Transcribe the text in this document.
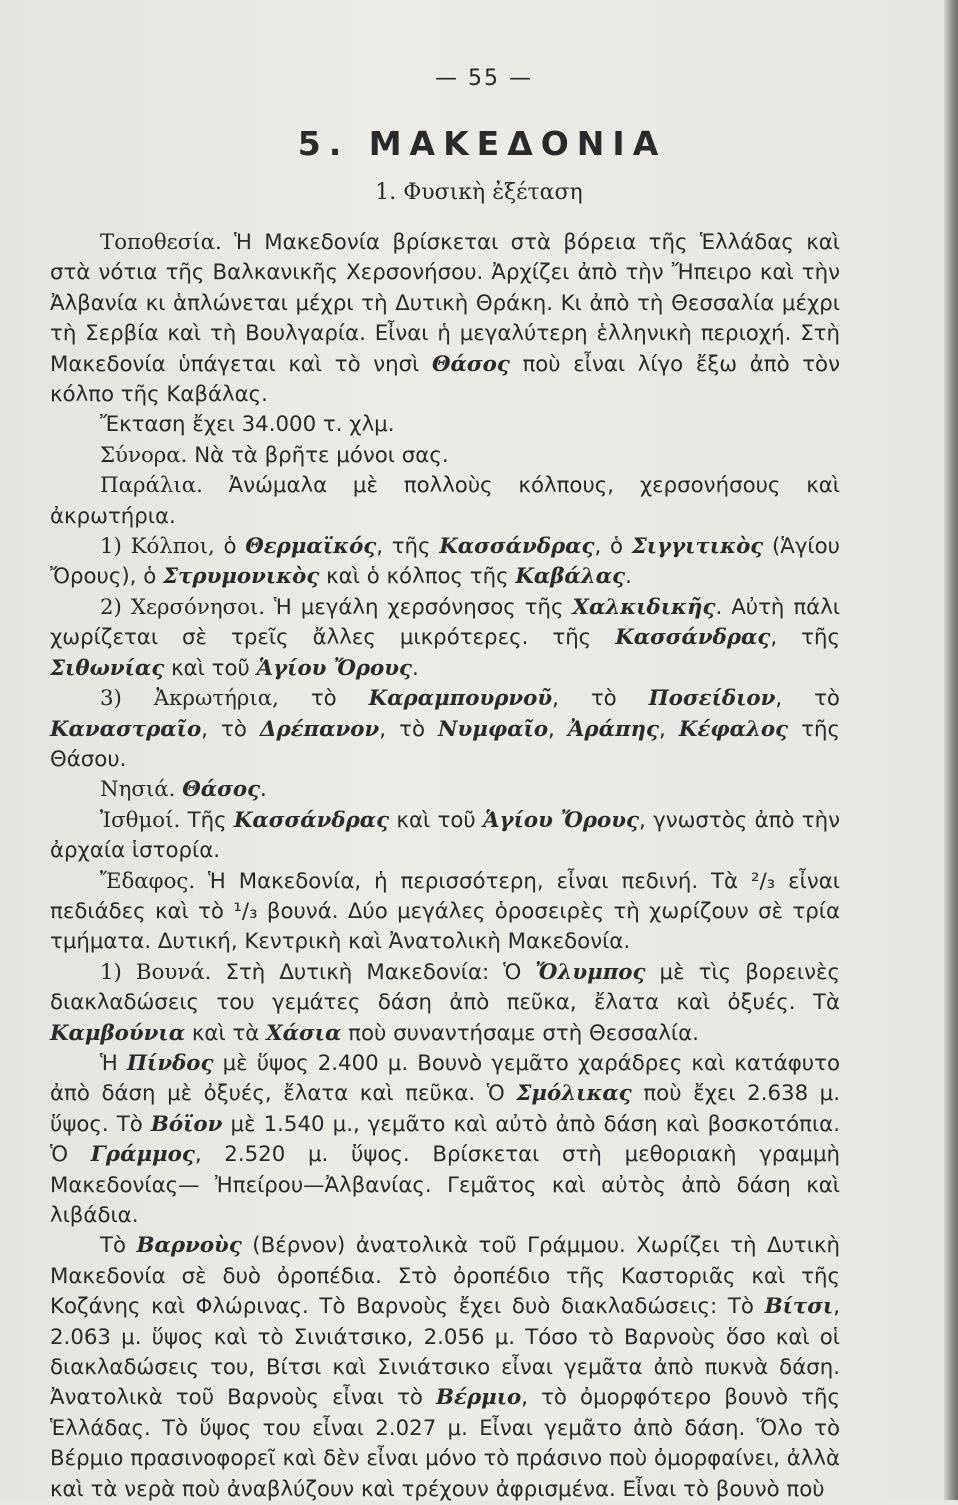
— 55 —
5. ΜΑΚΕΔΟΝΙΑ
1. Φυσικὴ ἐξέταση

Τοποθεσία. Ἡ Μακεδονία βρίσκεται στὰ βόρεια τῆς Ἑλλάδας καὶ στὰ νότια τῆς Βαλκανικῆς Χερσονήσου. Ἀρχίζει ἀπὸ τὴν Ἤπειρο καὶ τὴν Ἀλβανία κι ἁπλώνεται μέχρι τὴ Δυτικὴ Θράκη. Κι ἀπὸ τὴ Θεσσαλία μέχρι τὴ Σερβία καὶ τὴ Βουλγαρία. Εἶναι ἡ μεγαλύτερη ἑλληνικὴ περιοχή. Στὴ Μακεδονία ὑπάγεται καὶ τὸ νησὶ Θάσος ποὺ εἶναι λίγο ἔξω ἀπὸ τὸν κόλπο τῆς Καβάλας.

Ἔκταση ἔχει 34.000 τ. χλμ.

Σύνορα. Νὰ τὰ βρῆτε μόνοι σας.

Παράλια. Ἀνώμαλα μὲ πολλοὺς κόλπους, χερσονήσους καὶ ἀκρωτήρια.

1) Κόλποι, ὁ Θερμαϊκός, τῆς Κασσάνδρας, ὁ Σιγγιτικὸς (Ἁγίου Ὄρους), ὁ Στρυμονικὸς καὶ ὁ κόλπος τῆς Καβάλας.

2) Χερσόνησοι. Ἡ μεγάλη χερσόνησος τῆς Χαλκιδικῆς. Αὐτὴ πάλι χωρίζεται σὲ τρεῖς ἄλλες μικρότερες. τῆς Κασσάνδρας, τῆς Σιθωνίας καὶ τοῦ Ἁγίου Ὄρους.

3) Ἀκρωτήρια, τὸ Καραμπουρνοῦ, τὸ Ποσείδιον, τὸ Καναστραῖο, τὸ Δρέπανον, τὸ Νυμφαῖο, Ἀράπης, Κέφαλος τῆς Θάσου.

Νησιά. Θάσος.

Ἰσθμοί. Τῆς Κασσάνδρας καὶ τοῦ Ἁγίου Ὄρους, γνωστὸς ἀπὸ τὴν ἀρχαία ἱστορία.

Ἔδαφος. Ἡ Μακεδονία, ἡ περισσότερη, εἶναι πεδινή. Τὰ ²/₃ εἶναι πεδιάδες καὶ τὸ ¹/₃ βουνά. Δύο μεγάλες ὁροσειρὲς τὴ χωρίζουν σὲ τρία τμήματα. Δυτική, Κεντρικὴ καὶ Ἀνατολικὴ Μακεδονία.

1) Βουνά. Στὴ Δυτικὴ Μακεδονία: Ὁ Ὄλυμπος μὲ τὶς βορεινὲς διακλαδώσεις του γεμάτες δάση ἀπὸ πεῦκα, ἔλατα καὶ ὀξυές. Τὰ Καμβούνια καὶ τὰ Χάσια ποὺ συναντήσαμε στὴ Θεσσαλία.

Ἡ Πίνδος μὲ ὕψος 2.400 μ. Βουνὸ γεμᾶτο χαράδρες καὶ κατάφυτο ἀπὸ δάση μὲ ὀξυές, ἔλατα καὶ πεῦκα. Ὁ Σμόλικας ποὺ ἔχει 2.638 μ. ὕψος. Τὸ Βόϊον μὲ 1.540 μ., γεμᾶτο καὶ αὐτὸ ἀπὸ δάση καὶ βοσκοτόπια. Ὁ Γράμμος, 2.520 μ. ὕψος. Βρίσκεται στὴ μεθοριακὴ γραμμὴ Μακεδονίας— Ἠπείρου—Ἀλβανίας. Γεμᾶτος καὶ αὐτὸς ἀπὸ δάση καὶ λιβάδια.

Τὸ Βαρνοὺς (Βέρνον) ἀνατολικὰ τοῦ Γράμμου. Χωρίζει τὴ Δυτικὴ Μακεδονία σὲ δυὸ ὀροπέδια. Στὸ ὀροπέδιο τῆς Καστοριᾶς καὶ τῆς Κοζάνης καὶ Φλώρινας. Τὸ Βαρνοὺς ἔχει δυὸ διακλαδώσεις: Τὸ Βίτσι, 2.063 μ. ὕψος καὶ τὸ Σινιάτσικο, 2.056 μ. Τόσο τὸ Βαρνοὺς ὅσο καὶ οἱ διακλαδώσεις του, Βίτσι καὶ Σινιάτσικο εἶναι γεμᾶτα ἀπὸ πυκνὰ δάση. Ἀνατολικὰ τοῦ Βαρνοὺς εἶναι τὸ Βέρμιο, τὸ ὀμορφότερο βουνὸ τῆς Ἑλλάδας. Τὸ ὕψος του εἶναι 2.027 μ. Εἶναι γεμᾶτο ἀπὸ δάση. Ὅλο τὸ Βέρμιο πρασινοφορεῖ καὶ δὲν εἶναι μόνο τὸ πράσινο ποὺ ὀμορφαίνει, ἀλλὰ καὶ τὰ νερὰ ποὺ ἀναβλύζουν καὶ τρέχουν ἀφρισμένα. Εἶναι τὸ βουνὸ ποὺ
